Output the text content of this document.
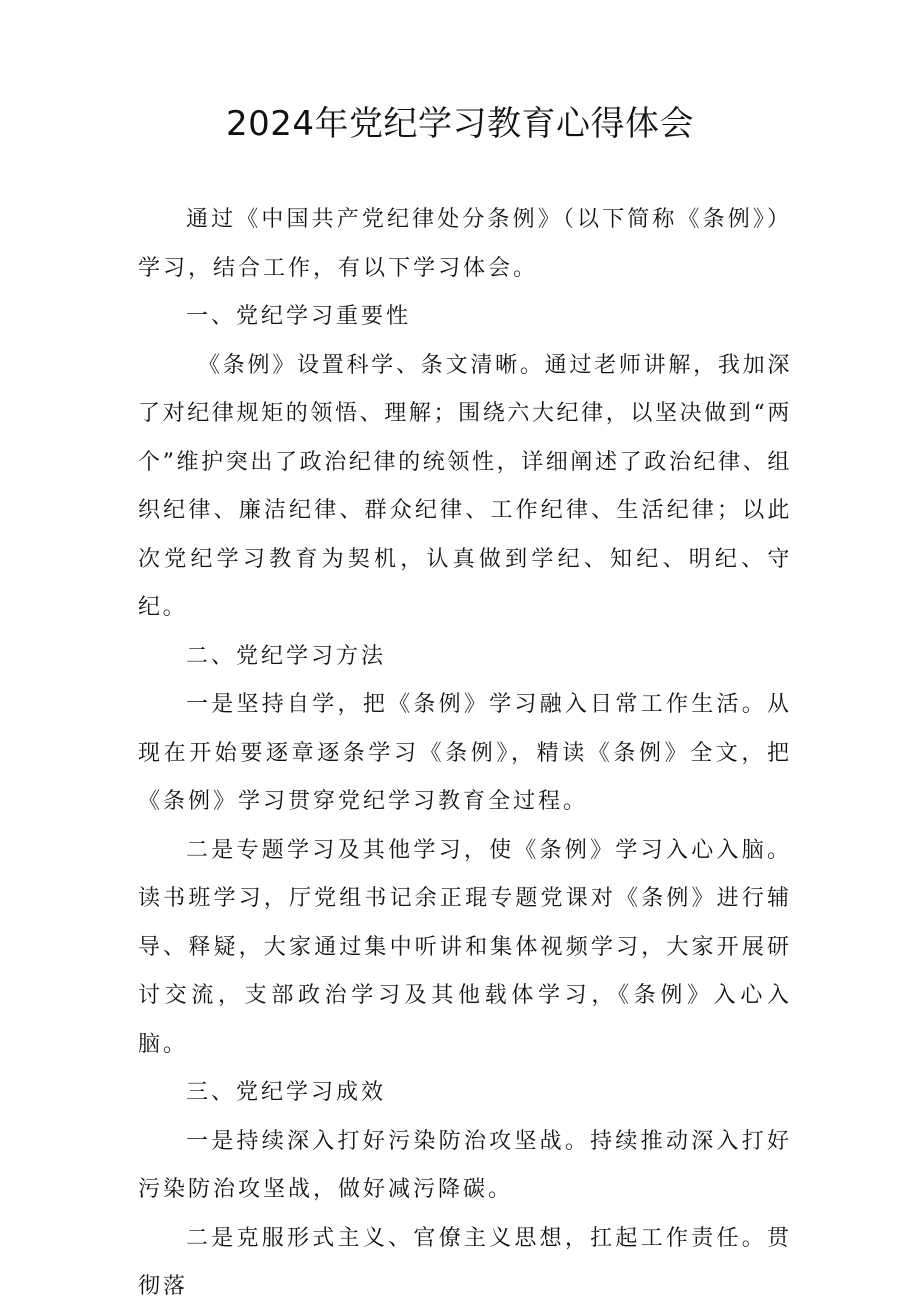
2024年党纪学习教育心得体会

通过《中国共产党纪律处分条例》（以下简称《条例》）学习，结合工作，有以下学习体会。

一、党纪学习重要性

《条例》设置科学、条文清晰。通过老师讲解，我加深了对纪律规矩的领悟、理解；围绕六大纪律，以坚决做到“两个”维护突出了政治纪律的统领性，详细阐述了政治纪律、组织纪律、廉洁纪律、群众纪律、工作纪律、生活纪律；以此次党纪学习教育为契机，认真做到学纪、知纪、明纪、守纪。

二、党纪学习方法

一是坚持自学，把《条例》学习融入日常工作生活。从现在开始要逐章逐条学习《条例》，精读《条例》全文，把《条例》学习贯穿党纪学习教育全过程。

二是专题学习及其他学习，使《条例》学习入心入脑。读书班学习，厅党组书记余正琨专题党课对《条例》进行辅导、释疑，大家通过集中听讲和集体视频学习，大家开展研讨交流，支部政治学习及其他载体学习，《条例》入心入脑。

三、党纪学习成效

一是持续深入打好污染防治攻坚战。持续推动深入打好污染防治攻坚战，做好减污降碳。

二是克服形式主义、官僚主义思想，扛起工作责任。贯彻落
